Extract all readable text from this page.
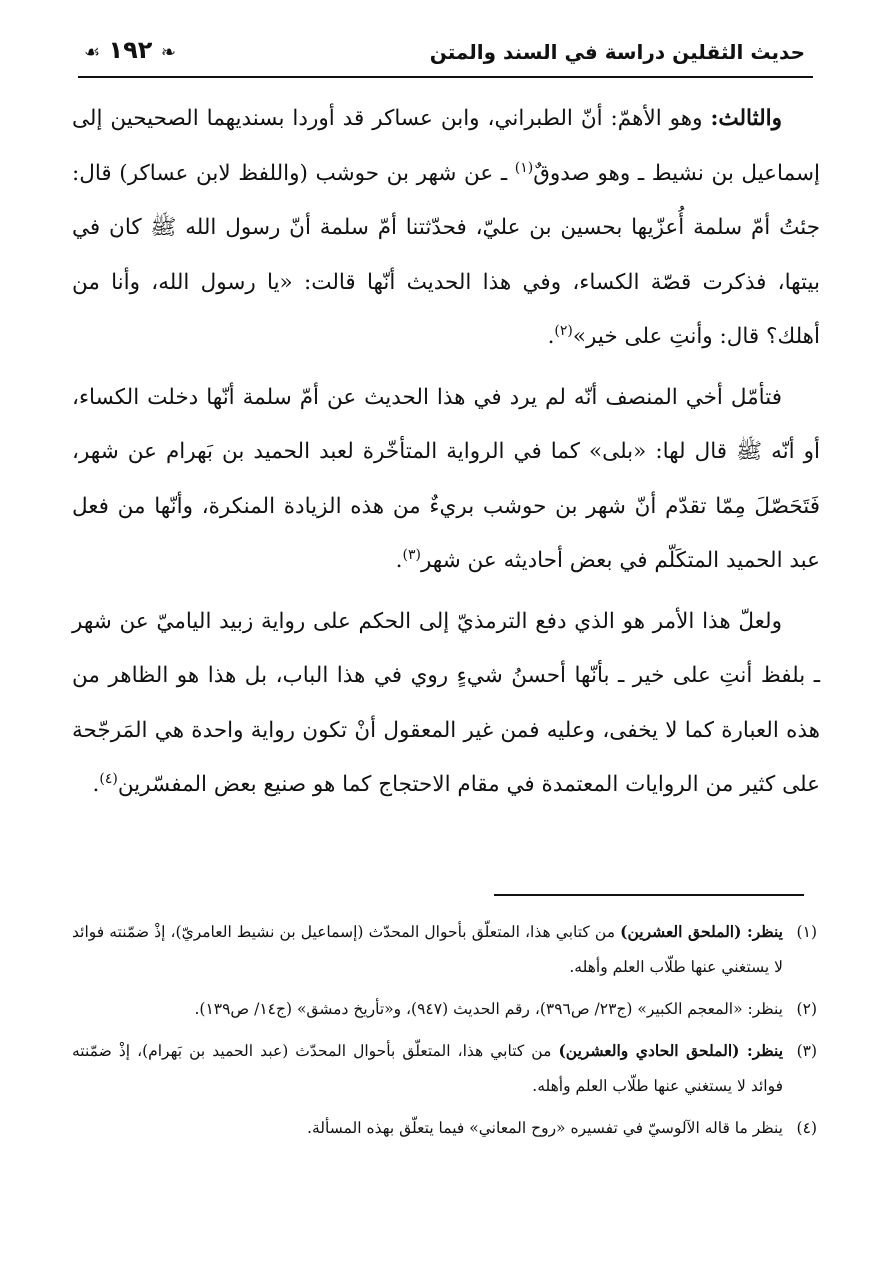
حديث الثقلين دراسة في السند والمتن
❧ ١٩٢ ☙

والثالث: وهو الأهمّ: أنّ الطبراني، وابن عساكر قد أوردا بسنديهما الصحيحين إلى إسماعيل بن نشيط ـ وهو صدوقٌ$^{(١)}$ ـ عن شهر بن حوشب (واللفظ لابن عساكر) قال: جئتُ أمّ سلمة أُعزّيها بحسين بن عليّ، فحدّثتنا أمّ سلمة أنّ رسول الله ﷺ كان في بيتها، فذكرت قصّة الكساء، وفي هذا الحديث أنّها قالت: «يا رسول الله، وأنا من أهلك؟ قال: وأنتِ على خير»$^{(٢)}$.

فتأمّل أخي المنصف أنّه لم يرد في هذا الحديث عن أمّ سلمة أنّها دخلت الكساء، أو أنّه ﷺ قال لها: «بلى» كما في الرواية المتأخّرة لعبد الحميد بن بَهرام عن شهر، فَتَحَصّلَ مِمّا تقدّم أنّ شهر بن حوشب بريءٌ من هذه الزيادة المنكرة، وأنّها من فعل عبد الحميد المتكَلّم في بعض أحاديثه عن شهر$^{(٣)}$.

ولعلّ هذا الأمر هو الذي دفع الترمذيّ إلى الحكم على رواية زبيد الياميّ عن شهر ـ بلفظ أنتِ على خير ـ بأنّها أحسنُ شيءٍ روي في هذا الباب، بل هذا هو الظاهر من هذه العبارة كما لا يخفى، وعليه فمن غير المعقول أنْ تكون رواية واحدة هي المَرجّحة على كثير من الروايات المعتمدة في مقام الاحتجاج كما هو صنيع بعض المفسّرين$^{(٤)}$.

(١)ينظر: (الملحق العشرين) من كتابي هذا، المتعلّق بأحوال المحدّث (إسماعيل بن نشيط العامريّ)، إذْ ضمّنته فوائد لا يستغني عنها طلّاب العلم وأهله.

(٢)ينظر: «المعجم الكبير» (ج٢٣/ ص٣٩٦)، رقم الحديث (٩٤٧)، و«تأريخ دمشق» (ج١٤/ ص١٣٩).

(٣)ينظر: (الملحق الحادي والعشرين) من كتابي هذا، المتعلّق بأحوال المحدّث (عبد الحميد بن بَهرام)، إذْ ضمّنته فوائد لا يستغني عنها طلّاب العلم وأهله.

(٤)ينظر ما قاله الآلوسيّ في تفسيره «روح المعاني» فيما يتعلّق بهذه المسألة.
